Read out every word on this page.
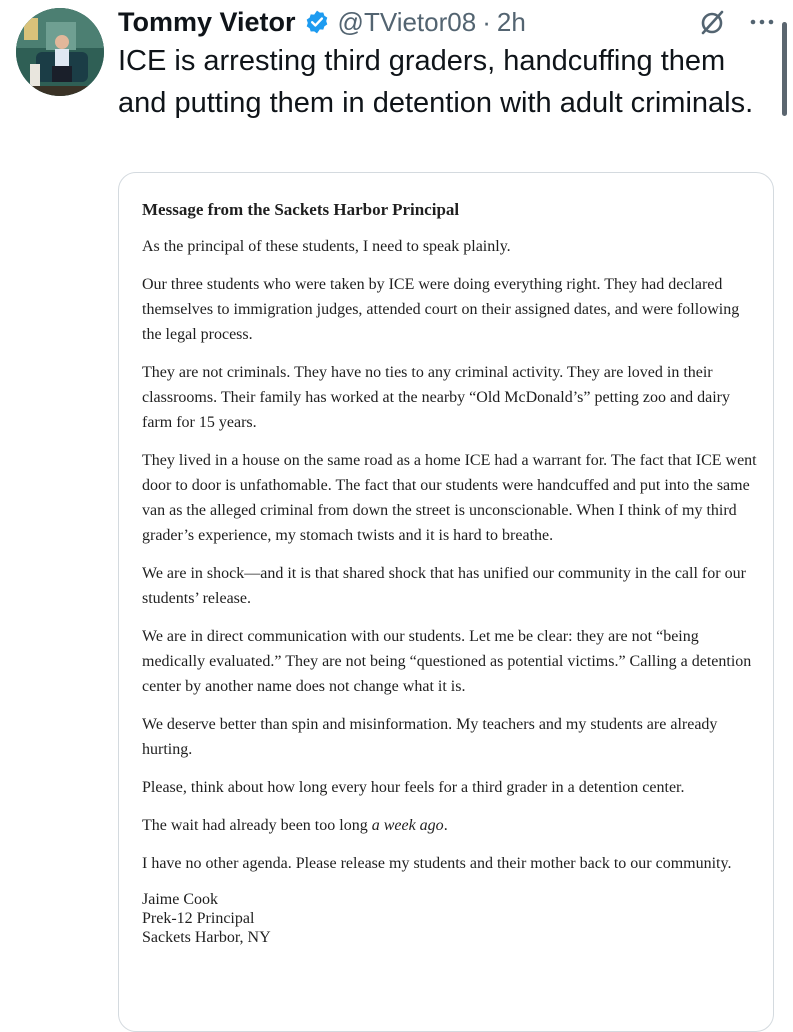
Tommy Vietor @TVietor08 · 2h
ICE is arresting third graders, handcuffing them and putting them in detention with adult criminals.
Message from the Sackets Harbor Principal

As the principal of these students, I need to speak plainly.

Our three students who were taken by ICE were doing everything right. They had declared themselves to immigration judges, attended court on their assigned dates, and were following the legal process.

They are not criminals. They have no ties to any criminal activity. They are loved in their classrooms. Their family has worked at the nearby “Old McDonald’s” petting zoo and dairy farm for 15 years.

They lived in a house on the same road as a home ICE had a warrant for. The fact that ICE went door to door is unfathomable. The fact that our students were handcuffed and put into the same van as the alleged criminal from down the street is unconscionable. When I think of my third grader’s experience, my stomach twists and it is hard to breathe.

We are in shock—and it is that shared shock that has unified our community in the call for our students’ release.

We are in direct communication with our students. Let me be clear: they are not “being medically evaluated.” They are not being “questioned as potential victims.” Calling a detention center by another name does not change what it is.

We deserve better than spin and misinformation. My teachers and my students are already hurting.

Please, think about how long every hour feels for a third grader in a detention center.

The wait had already been too long a week ago.

I have no other agenda. Please release my students and their mother back to our community.

Jaime Cook
Prek-12 Principal
Sackets Harbor, NY
